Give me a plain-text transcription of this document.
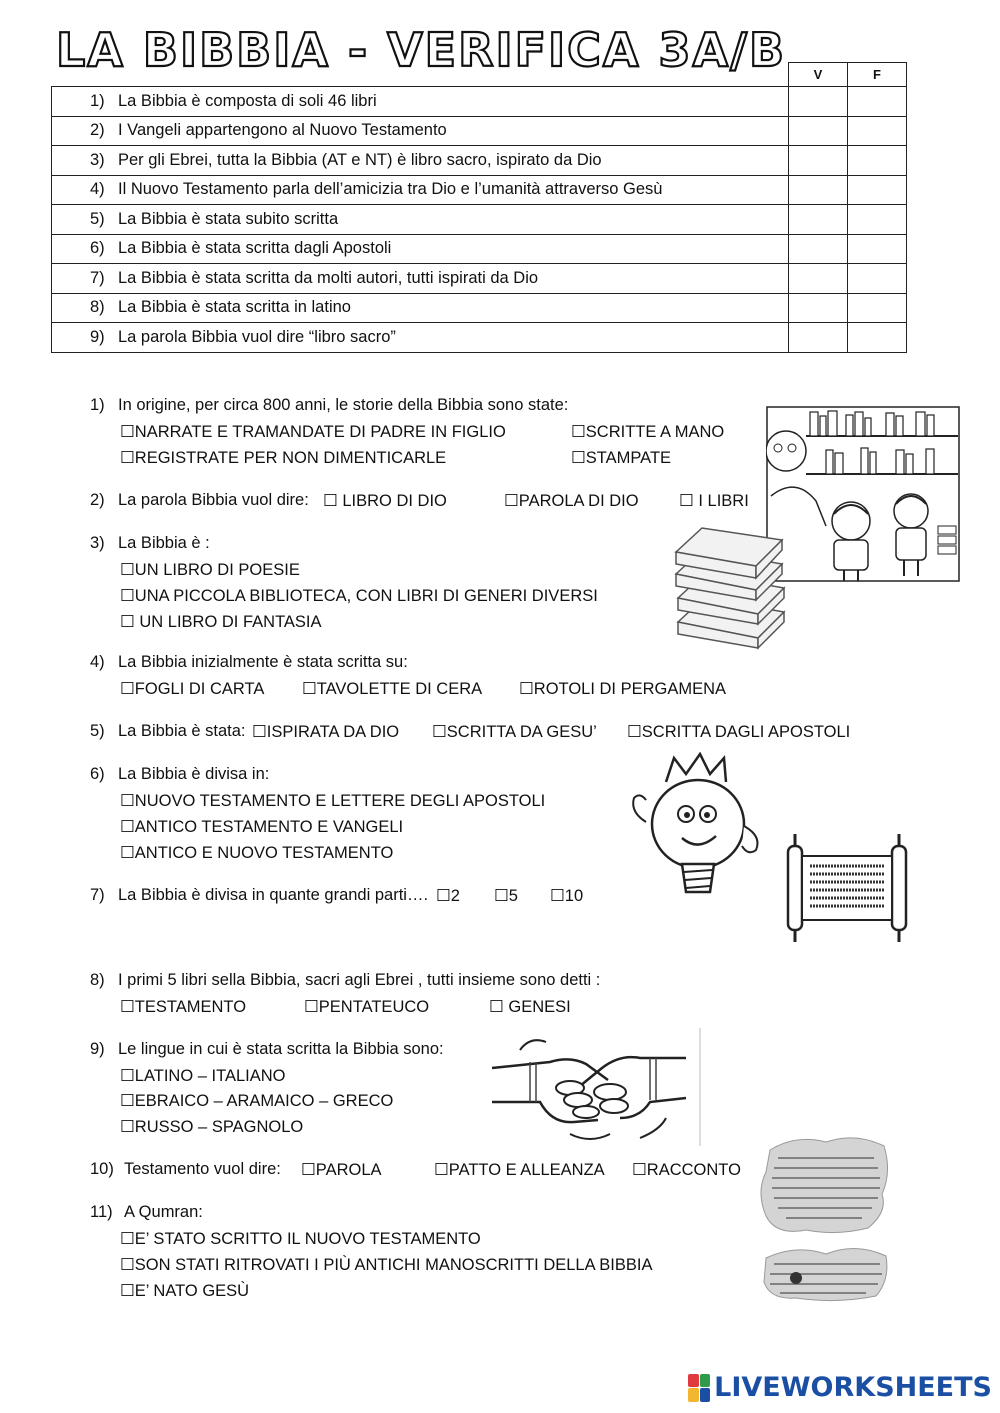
LA BIBBIA - VERIFICA 3A/B
	V	F
1) La Bibbia è composta di soli 46 libri		
2) I Vangeli appartengono al Nuovo Testamento		
3) Per gli Ebrei, tutta la Bibbia (AT e NT) è libro sacro, ispirato da Dio		
4) Il Nuovo Testamento parla dell’amicizia tra Dio e l’umanità attraverso Gesù		
5) La Bibbia è stata subito scritta		
6) La Bibbia è stata scritta dagli Apostoli		
7) La Bibbia è stata scritta da molti autori, tutti ispirati da Dio		
8) La Bibbia è stata scritta in latino		
9) La parola Bibbia vuol dire “libro sacro”		
1) In origine, per circa 800 anni, le storie della Bibbia sono state:
☐NARRATE E TRAMANDATE DI PADRE IN FIGLIO	☐SCRITTE A MANO
☐REGISTRATE PER NON DIMENTICARLE	☐STAMPATE
2) La parola Bibbia vuol dire: ☐ LIBRO DI DIO	☐PAROLA DI DIO ☐ I LIBRI
3) La Bibbia è :
☐UN LIBRO DI POESIE
☐UNA PICCOLA BIBLIOTECA, CON LIBRI DI GENERI DIVERSI
☐ UN LIBRO DI FANTASIA
4) La Bibbia inizialmente è stata scritta su:
☐FOGLI DI CARTA ☐TAVOLETTE DI CERA ☐ROTOLI DI PERGAMENA
5) La Bibbia è stata: ☐ISPIRATA DA DIO ☐SCRITTA DA GESU’ ☐SCRITTA DAGLI APOSTOLI
6) La Bibbia è divisa in:
☐NUOVO TESTAMENTO E LETTERE DEGLI APOSTOLI
☐ANTICO TESTAMENTO E VANGELI
☐ANTICO E NUOVO TESTAMENTO
7) La Bibbia è divisa in quante grandi parti…. ☐2 ☐5 ☐10
8) I primi 5 libri sella Bibbia, sacri agli Ebrei , tutti insieme sono detti :
☐TESTAMENTO	☐PENTATEUCO	☐ GENESI
9) Le lingue in cui è stata scritta la Bibbia sono:
☐LATINO – ITALIANO
☐EBRAICO – ARAMAICO – GRECO
☐RUSSO – SPAGNOLO
10) Testamento vuol dire: ☐PAROLA	☐PATTO E ALLEANZA ☐RACCONTO
11) A Qumran:
☐E’ STATO SCRITTO IL NUOVO TESTAMENTO
☐SON STATI RITROVATI I PIÙ ANTICHI MANOSCRITTI DELLA BIBBIA
☐E’ NATO GESÙ
LIVEWORKSHEETS
